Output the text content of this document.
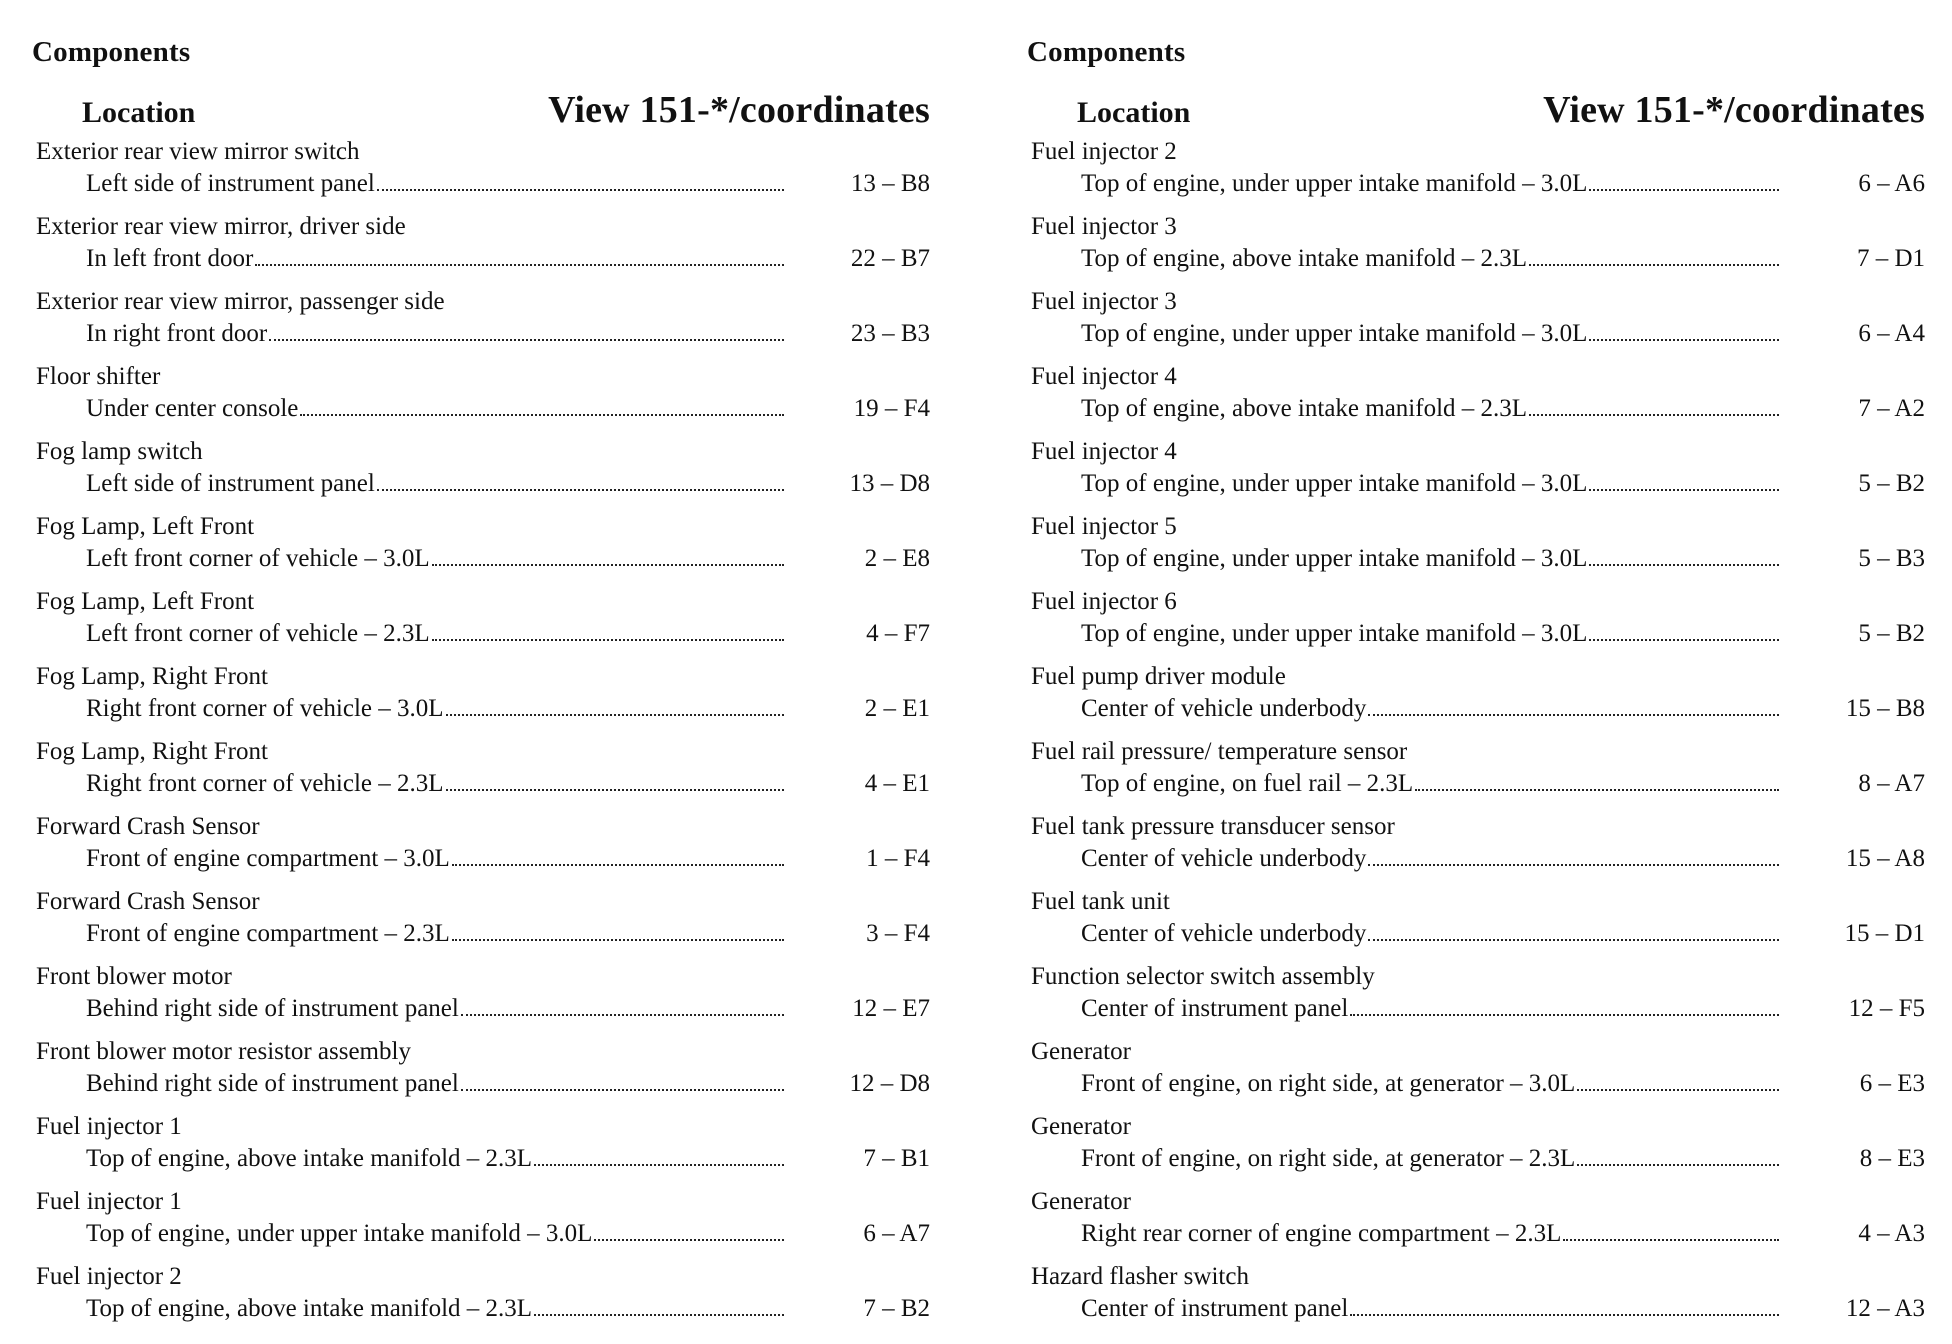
Components
Location	View 151-*/coordinates
Exterior rear view mirror switch
Left side of instrument panel	13 – B8
Exterior rear view mirror, driver side
In left front door	22 – B7
Exterior rear view mirror, passenger side
In right front door	23 – B3
Floor shifter
Under center console	19 – F4
Fog lamp switch
Left side of instrument panel	13 – D8
Fog Lamp, Left Front
Left front corner of vehicle – 3.0L	2 – E8
Fog Lamp, Left Front
Left front corner of vehicle – 2.3L	4 – F7
Fog Lamp, Right Front
Right front corner of vehicle – 3.0L	2 – E1
Fog Lamp, Right Front
Right front corner of vehicle – 2.3L	4 – E1
Forward Crash Sensor
Front of engine compartment – 3.0L	1 – F4
Forward Crash Sensor
Front of engine compartment – 2.3L	3 – F4
Front blower motor
Behind right side of instrument panel	12 – E7
Front blower motor resistor assembly
Behind right side of instrument panel	12 – D8
Fuel injector 1
Top of engine, above intake manifold – 2.3L	7 – B1
Fuel injector 1
Top of engine, under upper intake manifold – 3.0L	6 – A7
Fuel injector 2
Top of engine, above intake manifold – 2.3L	7 – B2
Components
Location	View 151-*/coordinates
Fuel injector 2
Top of engine, under upper intake manifold – 3.0L	6 – A6
Fuel injector 3
Top of engine, above intake manifold – 2.3L	7 – D1
Fuel injector 3
Top of engine, under upper intake manifold – 3.0L	6 – A4
Fuel injector 4
Top of engine, above intake manifold – 2.3L	7 – A2
Fuel injector 4
Top of engine, under upper intake manifold – 3.0L	5 – B2
Fuel injector 5
Top of engine, under upper intake manifold – 3.0L	5 – B3
Fuel injector 6
Top of engine, under upper intake manifold – 3.0L	5 – B2
Fuel pump driver module
Center of vehicle underbody	15 – B8
Fuel rail pressure/ temperature sensor
Top of engine, on fuel rail – 2.3L	8 – A7
Fuel tank pressure transducer sensor
Center of vehicle underbody	15 – A8
Fuel tank unit
Center of vehicle underbody	15 – D1
Function selector switch assembly
Center of instrument panel	12 – F5
Generator
Front of engine, on right side, at generator – 3.0L	6 – E3
Generator
Front of engine, on right side, at generator – 2.3L	8 – E3
Generator
Right rear corner of engine compartment – 2.3L	4 – A3
Hazard flasher switch
Center of instrument panel	12 – A3
